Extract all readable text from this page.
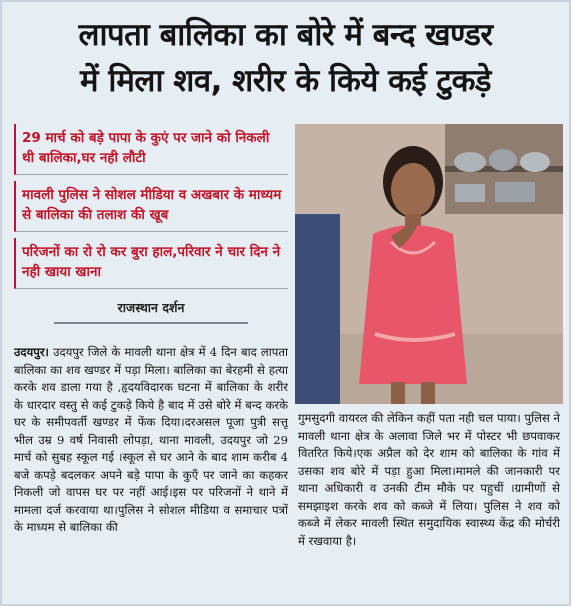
लापता बालिका का बोरे में बन्द खण्डर
में मिला शव, शरीर के किये कई टुकड़े
29 मार्च को बड़े पापा के कुएं पर जाने को निकली थी बालिका,घर नही लौटी
मावली पुलिस ने सोशल मीडिया व अखबार के माध्यम से बालिका की तलाश की खूब
परिजनों का रो रो कर बुरा हाल,परिवार ने चार दिन ने नही खाया खाना
राजस्थान दर्शन
उदयपुर। उदयपुर जिले के मावली थाना क्षेत्र में 4 दिन बाद लापता बालिका का शव खण्डर में पड़ा मिला। बालिका का बेरहमी से हत्या करके शव डाला गया है ,हृदयविदारक घटना में बालिका के शरीर के धारदार वस्तु से कई टुकड़े किये है बाद में उसे बोरे में बन्द करके घर के समीपवर्ती खण्डर में फेंक दिया।दरअसल पूजा पुत्री सत्तू भील उम्र 9 वर्ष निवासी लोपड़ा, थाना मावली, उदयपुर जो 29 मार्च को सुबह स्कूल गई ।स्कूल से घर आने के बाद शाम करीब 4 बजे कपड़े बदलकर अपने बड़े पापा के कुएँ पर जाने का कहकर निकली जो वापस घर पर नहीं आई।इस पर परिजनों ने थाने में मामला दर्ज करवाया था।पुलिस ने सोशल मीडिया व समाचार पत्रों के माध्यम से बालिका की
गुमसुदगी वायरल की लेकिन कहीं पता नही चल पाया। पुलिस ने मावली थाना क्षेत्र के अलावा जिले भर में पोस्टर भी छपवाकर वितरित किये।एक अप्रैल को देर शाम को बालिका के गांव में उसका शव बोरे में पड़ा हुआ मिला।मामले की जानकारी पर थाना अधिकारी व उनकी टीम मौके पर पहुचीं ।ग्रामीणों से समझाइश करके शव को कब्जे में लिया। पुलिस ने शव को कब्जे में लेकर मावली स्थित समुदायिक स्वास्थ्य केंद्र की मोर्चरी में रखवाया है।
